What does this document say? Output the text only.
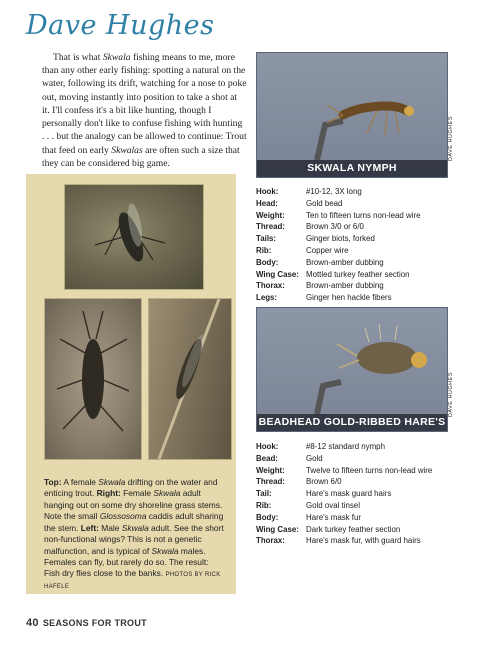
Dave Hughes

That is what Skwala fishing means to me, more than any other early fishing: spotting a natural on the water, following its drift, watching for a nose to poke out, moving instantly into position to take a shot at it. I'll confess it's a bit like hunting, though I personally don't like to confuse fishing with hunting . . . but the analogy can be allowed to continue: Trout that feed on early Skwalas are often such a size that they can be considered big game.

Top: A female Skwala drifting on the water and enticing trout. Right: Female Skwala adult hanging out on some dry shoreline grass stems. Note the small Glossosoma caddis adult sharing the stem. Left: Male Skwala adult. See the short non-functional wings? This is not a genetic malfunction, and is typical of Skwala males. Females can fly, but rarely do so. The result: Fish dry flies close to the banks. PHOTOS BY RICK HAFELE

SKWALA NYMPH
DAVE HUGHES
Hook:	#10-12, 3X long
Head:	Gold bead
Weight:	Ten to fifteen turns non-lead wire
Thread:	Brown 3/0 or 6/0
Tails:	Ginger biots, forked
Rib:	Copper wire
Body:	Brown-amber dubbing
Wing Case: Mottled turkey feather section
Thorax:	Brown-amber dubbing
Legs:	Ginger hen hackle fibers
BEADHEAD GOLD-RIBBED HARE'S EAR
DAVE HUGHES
Hook:	#8-12 standard nymph
Bead:	Gold
Weight:	Twelve to fifteen turns non-lead wire
Thread:	Brown 6/0
Tail:	Hare's mask guard hairs
Rib:	Gold oval tinsel
Body:	Hare's mask fur
Wing Case: Dark turkey feather section
Thorax:	Hare's mask fur, with guard hairs
40 SEASONS FOR TROUT
